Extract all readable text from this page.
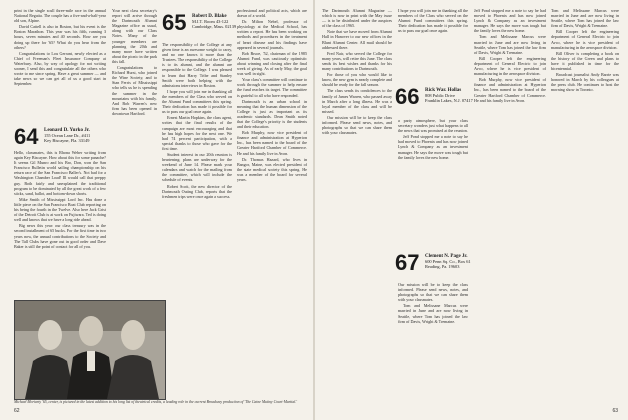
print in the single scull three-mile race in the annual National Regatta. The couple has a five-and-a-half-year old son, Alpine.

David Cattell is also in Boston, but his event is the Boston Marathon. This year was his fifth, running 3 hours, seven minutes and 40 seconds. How are you doing up there for '65? What do you hear from the others?

Congratulations to Lou Gerrant, newly elected as a Chief of Freeman's Fleet Insurance Company at Waterbury. Also, by way of apology for not writing sooner, I send this and congratulate all the others who wrote to me since spring. Have a great summer — and take news so we can get all of us a good start in September.

64 Leonard D. Yurko Jr.
155 Ocean Lane Dr., #411
Key Biscayne, Fla. 33149

Hello, classmates, this is Rhona Weber writing from again Key Biscayne. How about this for some panache? It seems Gil Munro and his Bro, Don, won the San Francisco Bulletin world sailing championship on his return race of the San Francisco Baller's. Not bad for a Washington Chamber Load! Ill would call that preppy guy. Both fairly and unexplained the traditional program to be dominated by all the great work of a few sticks, sand, ballot, and bottom-down shorts.

Mike Smith of Mississippi Lord Inc. Has done a little piece on the San Francisco Boat Club reporting on his being the fourth in the Twelve. Also here Jack Grist of the Detroit Club is at work on Fujiwara. Ted is doing well and knows that we have a long ride ahead.

Big news this year: our class treasury was in the second installment of 65 bucks. For the first time in two years now, the annual contributions to the Society and The Tall Clubs have gone out in good order and Dave Baker is still the point of contact for all of you.

Your next class secretary's report will arrive through the Dartmouth Alumni Magazine office as usual, along with our Class Notes. Many of the younger members are planning the 20th and many more have written about the picnic in the park this fall.

Congratulations to Richard Hurst, who joined the Wine Society, and to Stan Ferris of Mississippi who tells us he is spending the summer in the mountains with his family. And Bob Warren's new firm has been opened in downtown Hartford.

65 Robert D. Blake
M.I.T. Room 43-122
Cambridge, Mass. 02139

The responsibility of the College at any given time is an awesome weight to carry, and no one knows it more than the Trustees. The responsibility of the College is to its alumni, and the alumni are responsible to the College. I was pleased to learn that Harry Tribe and Stanley Smith were both helping with the admissions interviews in Boston.

I hope you will join me in thanking all the members of the Class who served on the Alumni Fund committees this spring. Their dedication has made it possible for us to pass our goal once again.

Ernest Martin Hopkins, the class agent, writes that the final results of the campaign are most encouraging and that he has high hopes for the next one. We had 74 percent participation, with a special thanks to those who gave for the first time.

Student interest in our 20th reunion is heartening; plans are underway for the weekend of June 14. Please mark your calendars and watch for the mailing from the committee, which will include the schedule of events.

Robert Scott, the new director of the Dartmouth Outing Club, reports that the freshmen trips were once again a success.

professional and political acts, which are drawn of a world.

Dr. Milton Nebel, professor of physiology at the Medical School, has written a report. He has been working on methods and procedures in the treatment of heart disease and his findings have appeared in several journals.

Bob Bruce, '52, chairman of the 1985 Alumni Fund, was cautiously optimistic about winning and closing after the final week of giving. As of early May, the goal was well in sight.

Your class's committee will continue to work through the summer to help ensure the fund reaches its target. The committee is grateful to all who have responded.

Dartmouth is an urban school in meaning that the human dimension of the College is just as important as its academic standards. Dean Smith noted that the College's priority is the students and their education.

Bob Murphy, now vice president of finance and administration at Hyperion Inc., has been named to the board of the Greater Hartford Chamber of Commerce. He and his family live in Avon.

Dr. Thomas Hazard, who lives in Bangor, Maine, was elected president of the state medical society this spring. He was a member of the board for several years.

Michael Moriarty '65, center, is pictured in the latest addition to his long list of theatrical credits, a leading role in the current Broadway production of 'The Caine Mutiny Court-Martial.'
62

The Dartmouth Alumni Magazine — which is now in print with the May issue — is to be distributed under the auspices of the class of 1965.

Note that we have moved from Alumni Hall in Hanover to our new offices in the Blunt Alumni Center. All mail should be addressed there.

Fred Nair, who served the College for many years, will retire this June. The class sends its best wishes and thanks for his many contributions to Dartmouth.

For those of you who would like to know, the new gym is nearly complete and should be ready for the fall season.

The class sends its condolences to the family of James Warren, who passed away in March after a long illness. He was a loyal member of the class and will be missed.

Our mission will be to keep the class informed. Please send news, notes, and photographs so that we can share them with your classmates.

66 Rick War. Hollas
808 Public Drive
Franklin Lakes, N.J. 07417

I hope you will join me in thanking all the members of the Class who served on the Alumni Fund committees this spring. Their dedication has made it possible for us to pass our goal once again.

a party atmosphere, but your class secretary wonders just what happens to all the news that was promised at the reunion.

Jeff Pond stopped me a note to say he had moved to Phoenix and has now joined Lynch & Company as an investment manager. He says the move was tough but the family loves the new home.

67 Clement N. Page Jr.
600 Penn Sq. Co., Box 61
Reading, Pa. 19603

Our mission will be to keep the class informed. Please send news, notes, and photographs so that we can share them with your classmates.

Tom and Melissane Marcus were married in June and are now living in Seattle, where Tom has joined the law firm of Davis, Wright & Tremaine.

Jeff Pond stopped me a note to say he had moved to Phoenix and has now joined Lynch & Company as an investment manager. He says the move was tough but the family loves the new home.

Tom and Melissane Marcus were married in June and are now living in Seattle, where Tom has joined the law firm of Davis, Wright & Tremaine.

Bill Cooper left the engineering department of General Electric to join Avco, where he is vice president of manufacturing in the aerospace division.

Bob Murphy, now vice president of finance and administration at Hyperion Inc., has been named to the board of the Greater Hartford Chamber of Commerce. He and his family live in Avon.

Tom and Melissane Marcus were married in June and are now living in Seattle, where Tom has joined the law firm of Davis, Wright & Tremaine.

Bill Cooper left the engineering department of General Electric to join Avco, where he is vice president of manufacturing in the aerospace division.

Bill Oliver is completing a book on the history of the Green and plans to have it published in time for the bicentennial.

Broadcast journalist Andy Barrie was honored in March by his colleagues at the press club. He continues to host the morning show in Toronto.

63
